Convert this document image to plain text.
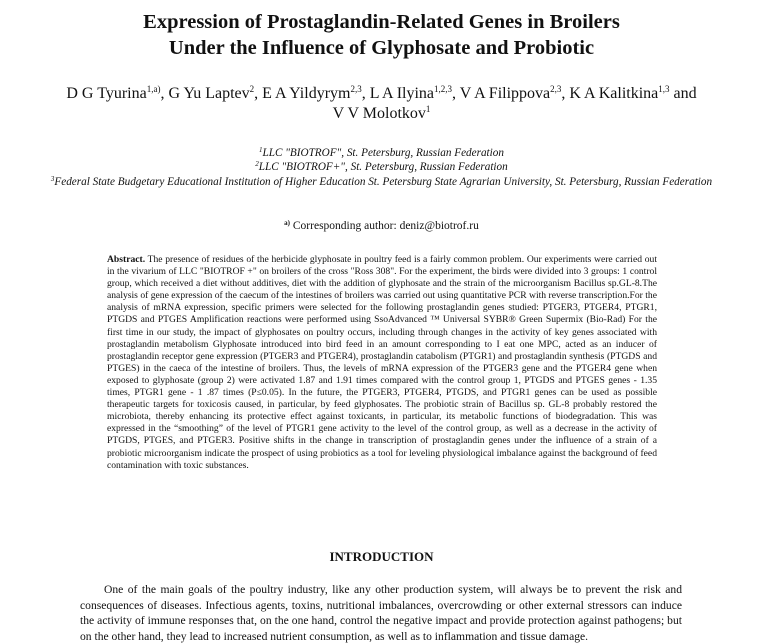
Expression of Prostaglandin-Related Genes in Broilers
Under the Influence of Glyphosate and Probiotic
D G Tyurina$^{1,a)}$, G Yu Laptev$^2$, E A Yildyrym$^{2,3}$, L A Ilyina$^{1,2,3}$, V A Filippova$^{2,3}$, K A Kalitkina$^{1,3}$ and V V Molotkov$^1$
$^1$LLC "BIOTROF", St. Petersburg, Russian Federation
$^2$LLC "BIOTROF+", St. Petersburg, Russian Federation
$^3$Federal State Budgetary Educational Institution of Higher Education St. Petersburg State Agrarian University, St. Petersburg, Russian Federation
$^{a)}$ Corresponding author: deniz@biotrof.ru
Abstract. The presence of residues of the herbicide glyphosate in poultry feed is a fairly common problem. Our experiments were carried out in the vivarium of LLC "BIOTROF +" on broilers of the cross "Ross 308". For the experiment, the birds were divided into 3 groups: 1 control group, which received a diet without additives, diet with the addition of glyphosate and the strain of the microorganism Bacillus sp.GL-8.The analysis of gene expression of the caecum of the intestines of broilers was carried out using quantitative PCR with reverse transcription.For the analysis of mRNA expression, specific primers were selected for the following prostaglandin genes studied: PTGER3, PTGER4, PTGR1, PTGDS and PTGES Amplification reactions were performed using SsoAdvanced ™ Universal SYBR® Green Supermix (Bio-Rad) For the first time in our study, the impact of glyphosates on poultry occurs, including through changes in the activity of key genes associated with prostaglandin metabolism Glyphosate introduced into bird feed in an amount corresponding to I eat one MPC, acted as an inducer of prostaglandin receptor gene expression (PTGER3 and PTGER4), prostaglandin catabolism (PTGR1) and prostaglandin synthesis (PTGDS and PTGES) in the caeca of the intestine of broilers. Thus, the levels of mRNA expression of the PTGER3 gene and the PTGER4 gene when exposed to glyphosate (group 2) were activated 1.87 and 1.91 times compared with the control group 1, PTGDS and PTGES genes - 1.35 times, PTGR1 gene - 1 .87 times (P≤0.05). In the future, the PTGER3, PTGER4, PTGDS, and PTGR1 genes can be used as possible therapeutic targets for toxicosis caused, in particular, by feed glyphosates. The probiotic strain of Bacillus sp. GL-8 probably restored the microbiota, thereby enhancing its protective effect against toxicants, in particular, its metabolic functions of biodegradation. This was expressed in the “smoothing” of the level of PTGR1 gene activity to the level of the control group, as well as a decrease in the activity of PTGDS, PTGES, and PTGER3. Positive shifts in the change in transcription of prostaglandin genes under the influence of a strain of a probiotic microorganism indicate the prospect of using probiotics as a tool for leveling physiological imbalance against the background of feed contamination with toxic substances.
INTRODUCTION

One of the main goals of the poultry industry, like any other production system, will always be to prevent the risk and consequences of diseases. Infectious agents, toxins, nutritional imbalances, overcrowding or other external stressors can induce the activity of immune responses that, on the one hand, control the negative impact and provide protection against pathogens; but on the other hand, they lead to increased nutrient consumption, as well as to inflammation and tissue damage.
